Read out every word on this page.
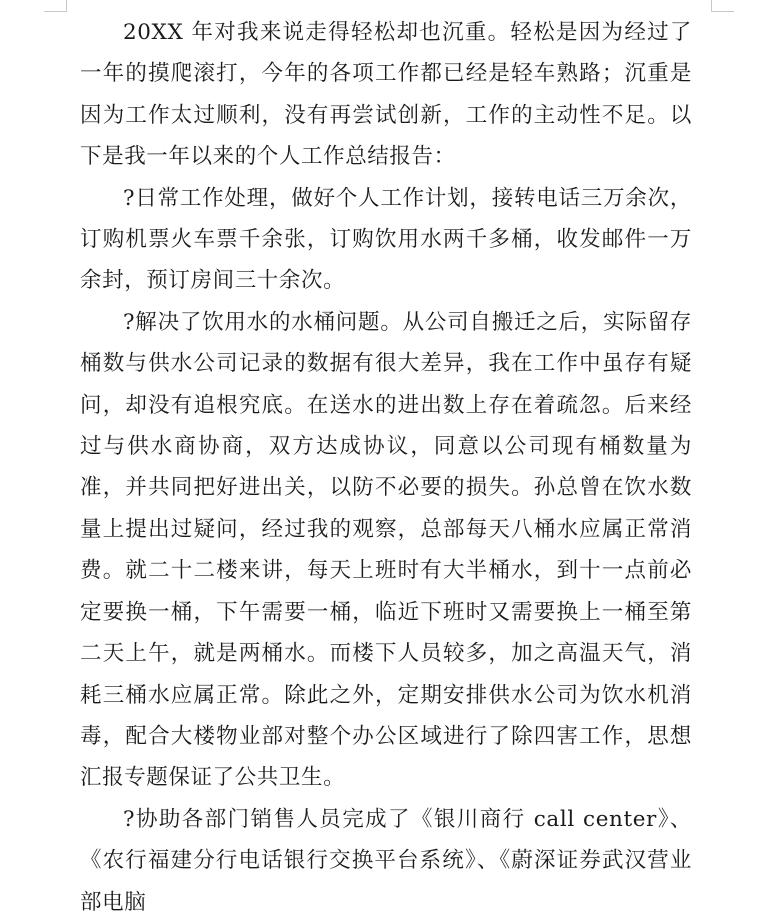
20XX 年对我来说走得轻松却也沉重。轻松是因为经过了一年的摸爬滚打，今年的各项工作都已经是轻车熟路；沉重是因为工作太过顺利，没有再尝试创新，工作的主动性不足。以下是我一年以来的个人工作总结报告：

?日常工作处理，做好个人工作计划，接转电话三万余次，订购机票火车票千余张，订购饮用水两千多桶，收发邮件一万余封，预订房间三十余次。

?解决了饮用水的水桶问题。从公司自搬迁之后，实际留存桶数与供水公司记录的数据有很大差异，我在工作中虽存有疑问，却没有追根究底。在送水的进出数上存在着疏忽。后来经过与供水商协商，双方达成协议，同意以公司现有桶数量为准，并共同把好进出关，以防不必要的损失。孙总曾在饮水数量上提出过疑问，经过我的观察，总部每天八桶水应属正常消费。就二十二楼来讲，每天上班时有大半桶水，到十一点前必定要换一桶，下午需要一桶，临近下班时又需要换上一桶至第二天上午，就是两桶水。而楼下人员较多，加之高温天气，消耗三桶水应属正常。除此之外，定期安排供水公司为饮水机消毒，配合大楼物业部对整个办公区域进行了除四害工作，思想汇报专题保证了公共卫生。

?协助各部门销售人员完成了《银川商行 call center》、《农行福建分行电话银行交换平台系统》、《蔚深证券武汉营业部电脑
